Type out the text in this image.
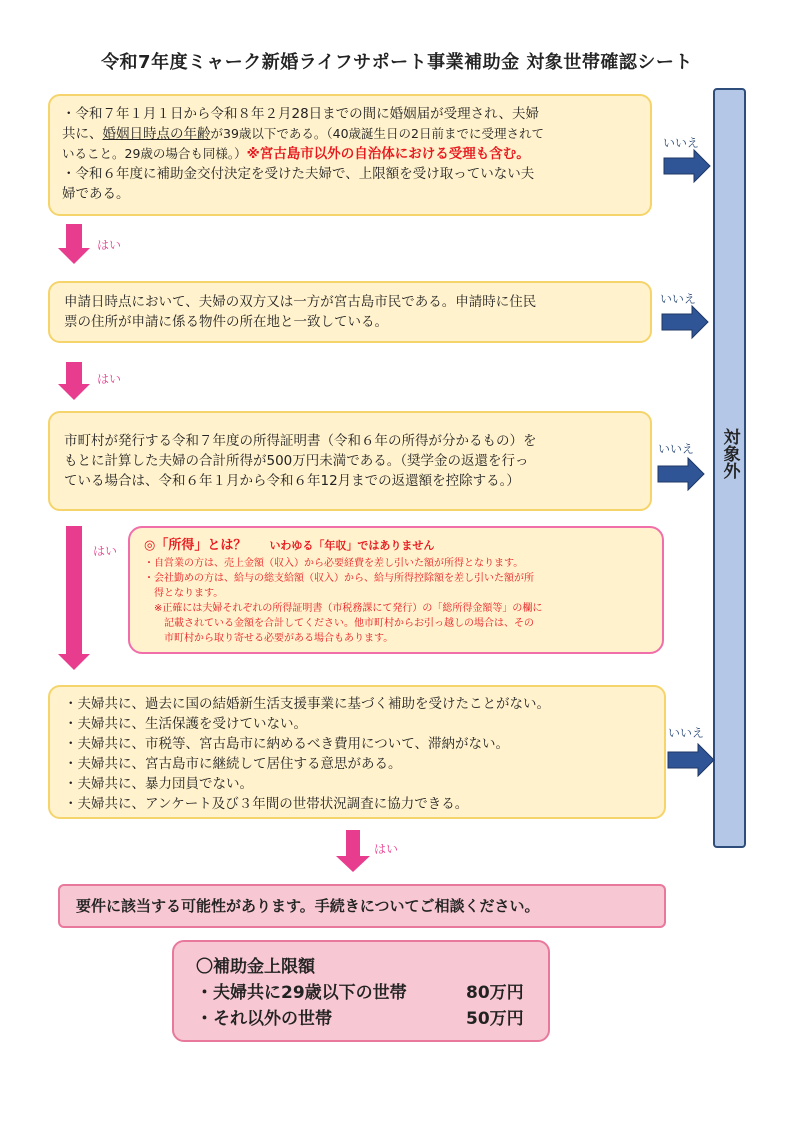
令和7年度ミャーク新婚ライフサポート事業補助金 対象世帯確認シート
対象外
・令和７年１月１日から令和８年２月28日までの間に婚姻届が受理され、夫婦
共に、婚姻日時点の年齢が39歳以下である。（40歳誕生日の2日前までに受理されて
いること。29歳の場合も同様。）※宮古島市以外の自治体における受理も含む。
・令和６年度に補助金交付決定を受けた夫婦で、上限額を受け取っていない夫
婦である。
申請日時点において、夫婦の双方又は一方が宮古島市民である。申請時に住民
票の住所が申請に係る物件の所在地と一致している。
市町村が発行する令和７年度の所得証明書（令和６年の所得が分かるもの）を
もとに計算した夫婦の合計所得が500万円未満である。（奨学金の返還を行っ
ている場合は、令和６年１月から令和６年12月までの返還額を控除する。）
◎「所得」とは？ いわゆる「年収」ではありません
・自営業の方は、売上金額（収入）から必要経費を差し引いた額が所得となります。
・会社勤めの方は、給与の総支給額（収入）から、給与所得控除額を差し引いた額が所
　得となります。
　※正確には夫婦それぞれの所得証明書（市税務課にて発行）の「総所得金額等」の欄に
　　記載されている金額を合計してください。他市町村からお引っ越しの場合は、その
　　市町村から取り寄せる必要がある場合もあります。
・夫婦共に、過去に国の結婚新生活支援事業に基づく補助を受けたことがない。
・夫婦共に、生活保護を受けていない。
・夫婦共に、市税等、宮古島市に納めるべき費用について、滞納がない。
・夫婦共に、宮古島市に継続して居住する意思がある。
・夫婦共に、暴力団員でない。
・夫婦共に、アンケート及び３年間の世帯状況調査に協力できる。
要件に該当する可能性があります。手続きについてご相談ください。
〇補助金上限額
・夫婦共に29歳以下の世帯	80万円
・それ以外の世帯	50万円
はい
はい
はい
はい
いいえ
いいえ
いいえ
いいえ
